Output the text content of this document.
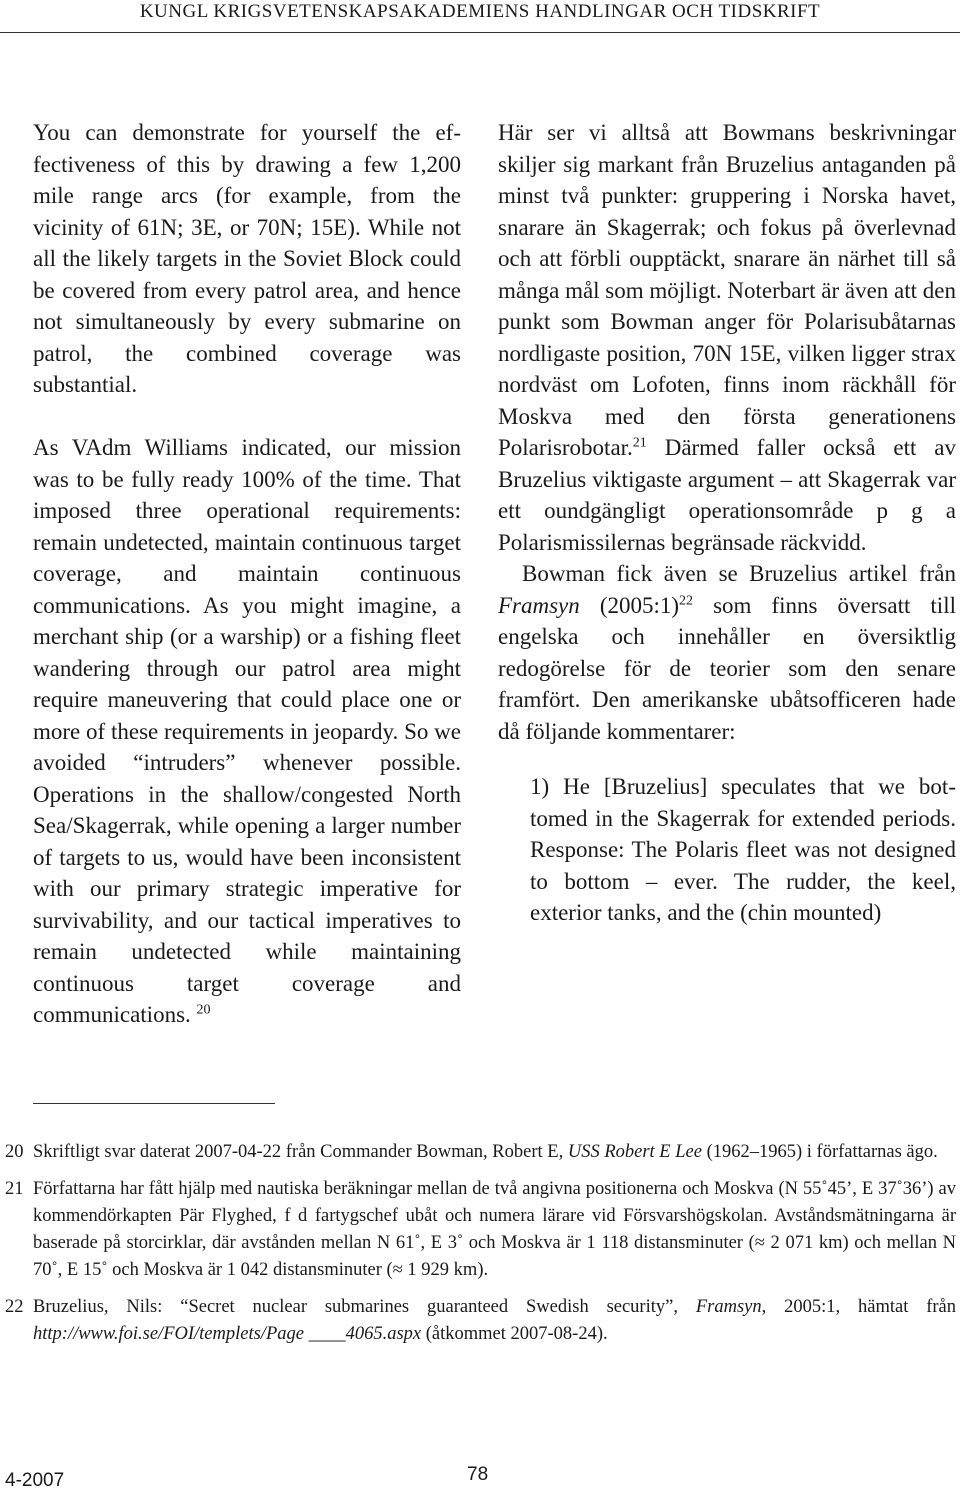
KUNGL KRIGSVETENSKAPSAKADEMIENS HANDLINGAR OCH TIDSKRIFT

You can demonstrate for yourself the effectiveness of this by drawing a few 1,200 mile range arcs (for example, from the vicinity of 61N; 3E, or 70N; 15E). While not all the likely targets in the Soviet Block could be covered from every patrol area, and hence not simultaneously by every submarine on patrol, the combined coverage was substantial.

As VAdm Williams indicated, our mission was to be fully ready 100% of the time. That imposed three operational requirements: remain undetected, maintain continuous target coverage, and maintain continuous communications. As you might imagine, a merchant ship (or a warship) or a fishing fleet wandering through our patrol area might require maneuvering that could place one or more of these requirements in jeopardy. So we avoided “intruders” whenever possible. Operations in the shallow/congested North Sea/Skagerrak, while opening a larger number of targets to us, would have been inconsistent with our primary strategic imperative for survivability, and our tactical imperatives to remain undetected while maintaining continuous target coverage and communications. $^{20}$

Här ser vi alltså att Bowmans beskrivningar skiljer sig markant från Bruzelius antaganden på minst två punkter: gruppering i Norska havet, snarare än Skagerrak; och fokus på överlevnad och att förbli oupptäckt, snarare än närhet till så många mål som möjligt. Noterbart är även att den punkt som Bowman anger för Polarisubåtarnas nordligaste position, 70N 15E, vilken ligger strax nordväst om Lofoten, finns inom räckhåll för Moskva med den första generationens Polarisrobotar.$^{21}$ Därmed faller också ett av Bruzelius viktigaste argument – att Skagerrak var ett oundgängligt operationsområde p g a Polarismissilernas begränsade räckvidd.

Bowman fick även se Bruzelius artikel från Framsyn (2005:1)$^{22}$ som finns översatt till engelska och innehåller en översiktlig redogörelse för de teorier som den senare framfört. Den amerikanske ubåtsofficeren hade då följande kommentarer:

1) He [Bruzelius] speculates that we bottomed in the Skagerrak for extended periods. Response: The Polaris fleet was not designed to bottom – ever. The rudder, the keel, exterior tanks, and the (chin mounted)

20 Skriftligt svar daterat 2007-04-22 från Commander Bowman, Robert E, USS Robert E Lee (1962–1965) i författarnas ägo.
21 Författarna har fått hjälp med nautiska beräkningar mellan de två angivna positionerna och Moskva (N 55˚45’, E 37˚36’) av kommendörkapten Pär Flyghed, f d fartygschef ubåt och numera lärare vid Försvarshögskolan. Avståndsmätningarna är baserade på storcirklar, där avstånden mellan N 61˚, E 3˚ och Moskva är 1 118 distansminuter (≈ 2 071 km) och mellan N 70˚, E 15˚ och Moskva är 1 042 distansminuter (≈ 1 929 km).
22 Bruzelius, Nils: “Secret nuclear submarines guaranteed Swedish security”, Framsyn, 2005:1, hämtat från http://www.foi.se/FOI/templets/Page ____4065.aspx (åtkommet 2007-08-24).
4-2007	78
